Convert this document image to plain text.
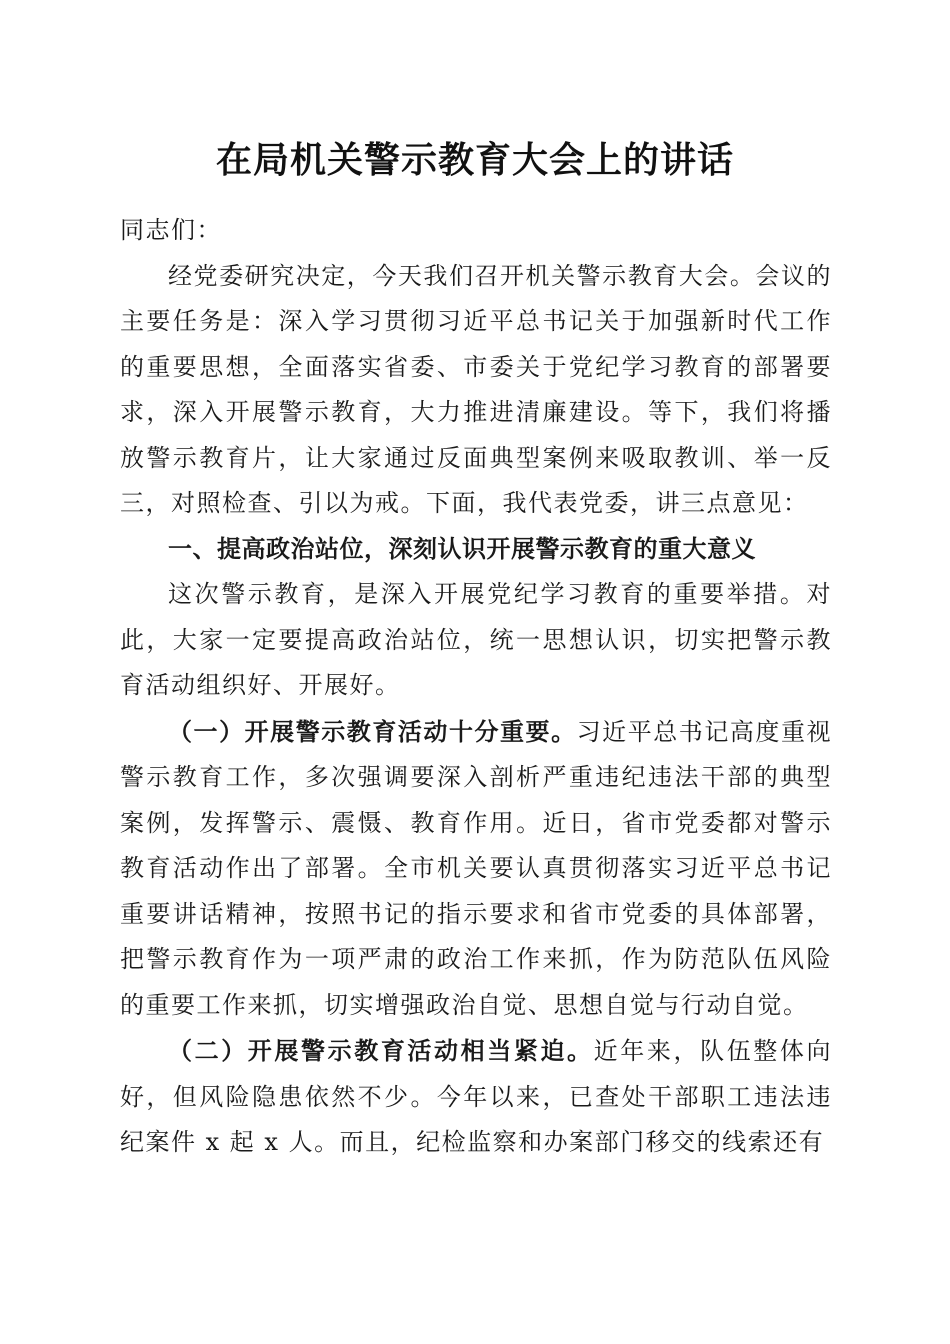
在局机关警示教育大会上的讲话

同志们：

经党委研究决定，今天我们召开机关警示教育大会。会议的主要任务是：深入学习贯彻习近平总书记关于加强新时代工作的重要思想，全面落实省委、市委关于党纪学习教育的部署要求，深入开展警示教育，大力推进清廉建设。等下，我们将播放警示教育片，让大家通过反面典型案例来吸取教训、举一反三，对照检查、引以为戒。下面，我代表党委，讲三点意见：

一、提高政治站位，深刻认识开展警示教育的重大意义

这次警示教育，是深入开展党纪学习教育的重要举措。对此，大家一定要提高政治站位，统一思想认识，切实把警示教育活动组织好、开展好。

（一）开展警示教育活动十分重要。习近平总书记高度重视警示教育工作，多次强调要深入剖析严重违纪违法干部的典型案例，发挥警示、震慑、教育作用。近日，省市党委都对警示教育活动作出了部署。全市机关要认真贯彻落实习近平总书记重要讲话精神，按照书记的指示要求和省市党委的具体部署，把警示教育作为一项严肃的政治工作来抓，作为防范队伍风险的重要工作来抓，切实增强政治自觉、思想自觉与行动自觉。

（二）开展警示教育活动相当紧迫。近年来，队伍整体向好，但风险隐患依然不少。今年以来，已查处干部职工违法违纪案件 x 起 x 人。而且，纪检监察和办案部门移交的线索还有
